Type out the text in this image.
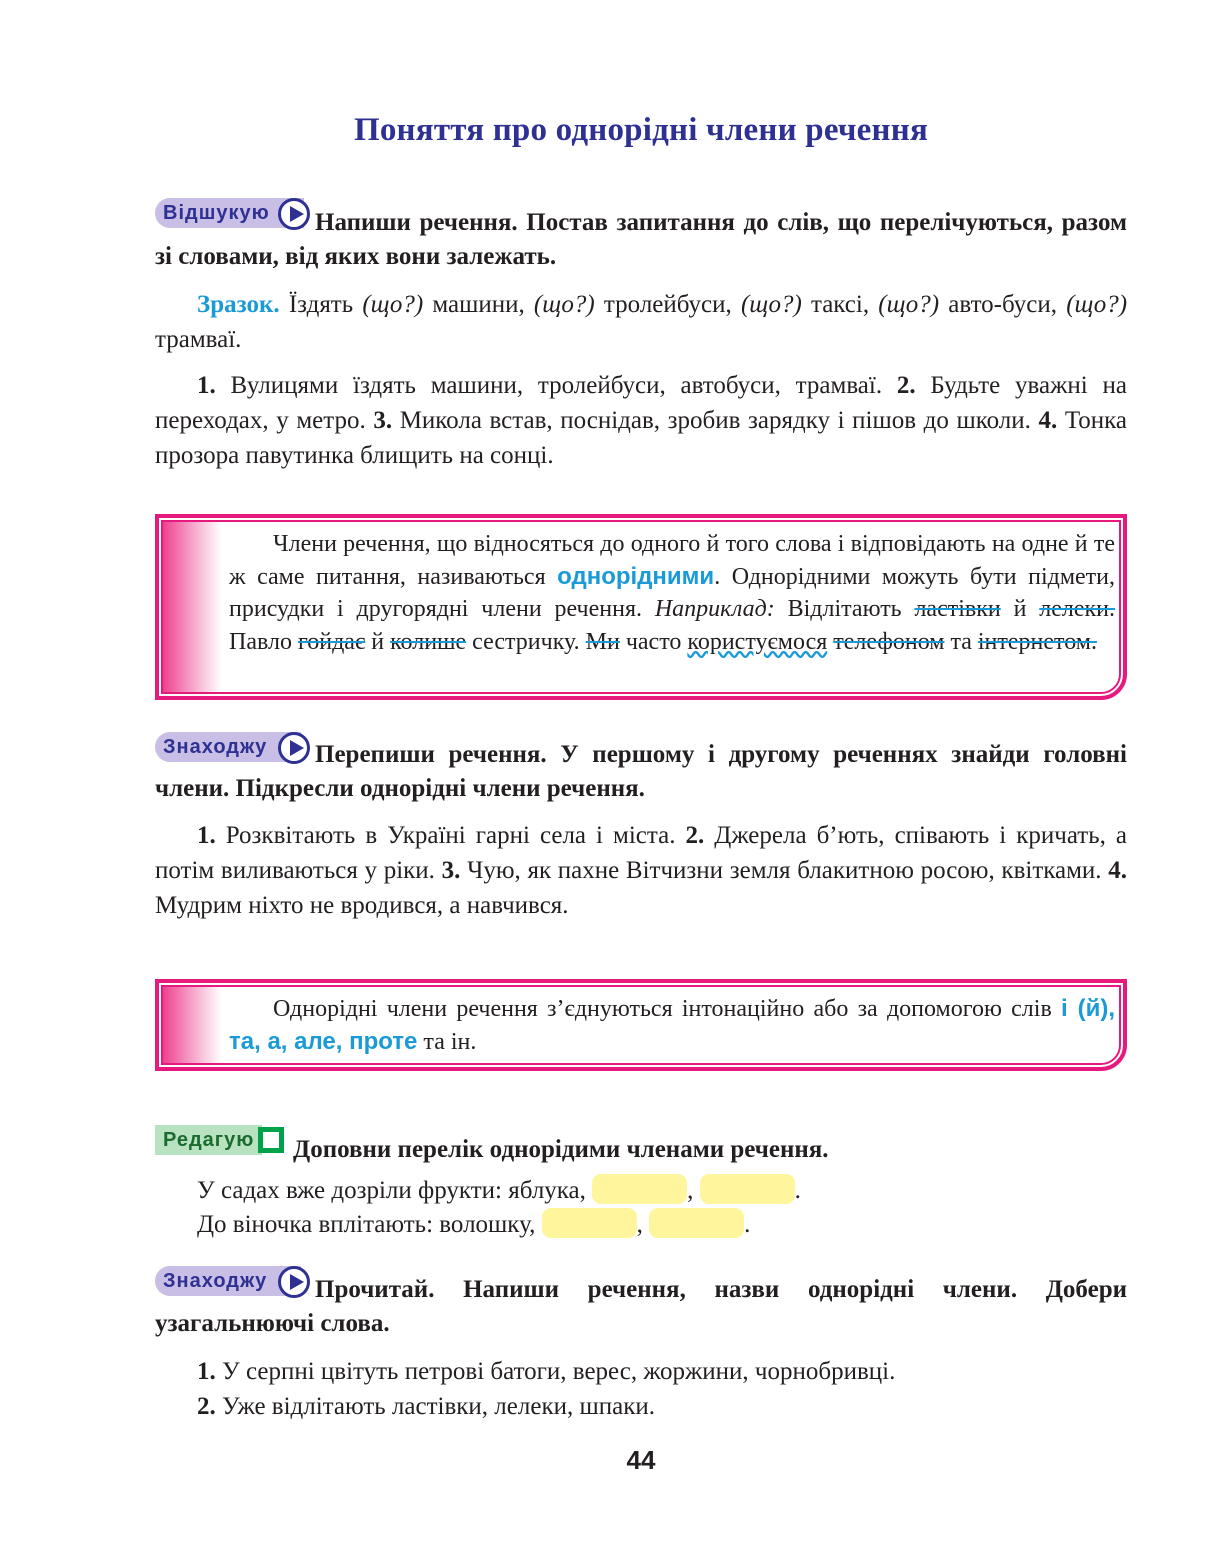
Поняття про однорідні члени речення
Відшукую	Напиши речення. Постав запитання до слів, що перелічуються, разом зі словами, від яких вони залежать.
Зразок. Їздять (що?) машини, (що?) тролейбуси, (що?) таксі, (що?) авто-буси, (що?) трамваї.
1. Вулицями їздять машини, тролейбуси, автобуси, трамваї. 2. Будьте уважні на переходах, у метро. 3. Микола встав, поснідав, зробив зарядку і пішов до школи. 4. Тонка прозора павутинка блищить на сонці.
Члени речення, що відносяться до одного й того слова і відповідають на одне й те ж саме питання, називаються однорідними. Однорідними можуть бути підмети, присудки і другорядні члени речення. Наприклад: Відлітають ластівки й лелеки. Павло гойдає й колише сестричку. Ми часто користуємося телефоном та інтернетом.
Знаходжу	Перепиши речення. У першому і другому реченнях знайди головні члени. Підкресли однорідні члени речення.
1. Розквітають в Україні гарні села і міста. 2. Джерела б’ють, співають і кричать, а потім виливаються у ріки. 3. Чую, як пахне Вітчизни земля блакитною росою, квітками. 4. Мудрим ніхто не вродився, а навчився.
Однорідні члени речення з’єднуються інтонаційно або за допомогою слів і (й), та, а, але, проте та ін.
Редагую	Доповни перелік однорідими членами речення.
У садах вже дозріли фрукти: яблука,	,	.
До віночка вплітають: волошку,	,	.
Знаходжу	Прочитай. Напиши речення, назви однорідні члени. Добери узагальнюючі слова.
1. У серпні цвітуть петрові батоги, верес, жоржини, чорнобривці.
2. Уже відлітають ластівки, лелеки, шпаки.
44
